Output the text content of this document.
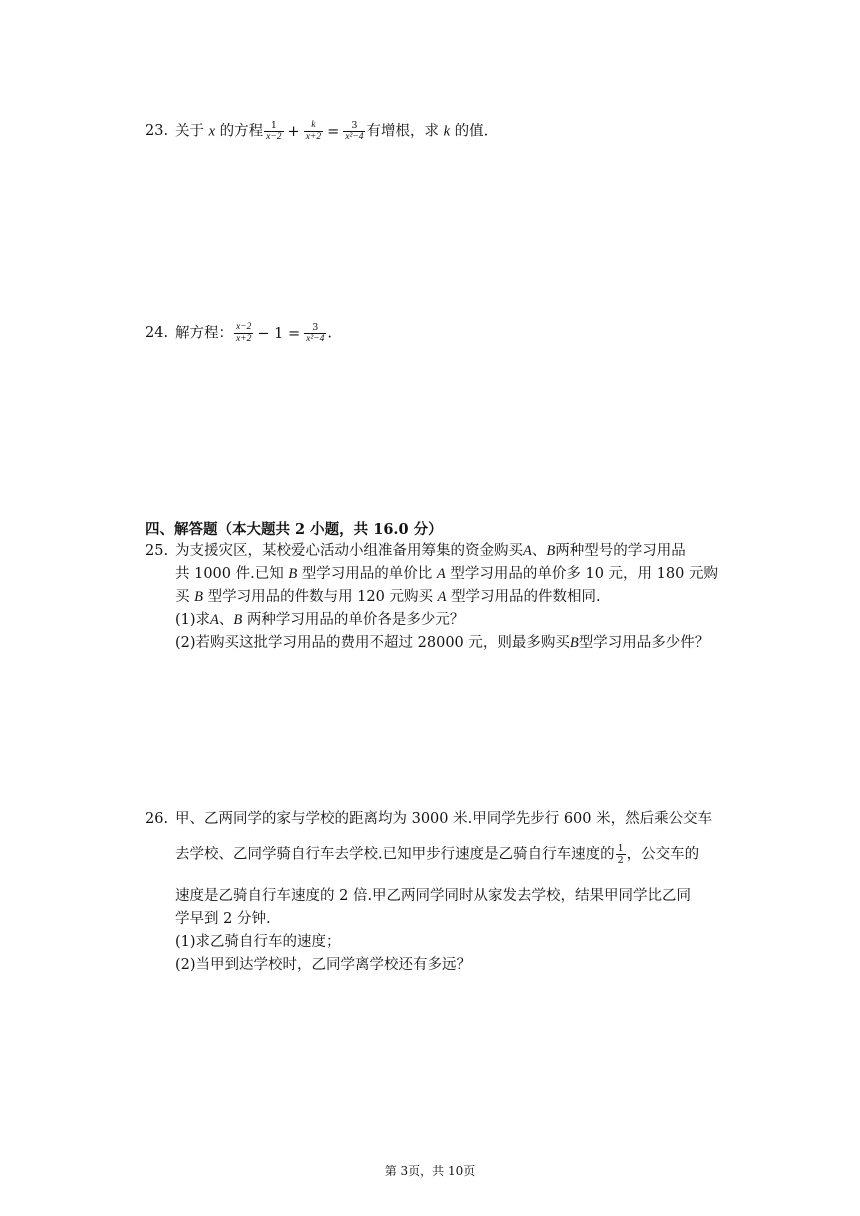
23. 关于 x 的方程 $\frac{1}{x-2} + \frac{k}{x+2} = \frac{3}{\text{x²−4}}$ 有增根，求 k 的值.
24. 解方程： $\frac{x-2}{x+2} - 1 = \frac{3}{\text{x²−4}}$ .
四、解答题（本大题共 2 小题，共 16.0 分）
25. 为支援灾区，某校爱心活动小组准备用筹集的资金购买A、B两种型号的学习用品
共 1000 件.已知 B 型学习用品的单价比 A 型学习用品的单价多 10 元，用 180 元购
买 B 型学习用品的件数与用 120 元购买 A 型学习用品的件数相同.
(1)求A、B 两种学习用品的单价各是多少元？
(2)若购买这批学习用品的费用不超过 28000 元，则最多购买B型学习用品多少件？
26. 甲、乙两同学的家与学校的距离均为 3000 米.甲同学先步行 600 米，然后乘公交车
去学校、乙同学骑自行车去学校.已知甲步行速度是乙骑自行车速度的 $\frac{1}{2}$ ，公交车的
速度是乙骑自行车速度的 2 倍.甲乙两同学同时从家发去学校，结果甲同学比乙同
学早到 2 分钟.
(1)求乙骑自行车的速度；
(2)当甲到达学校时，乙同学离学校还有多远？
第 3页，共 10页
